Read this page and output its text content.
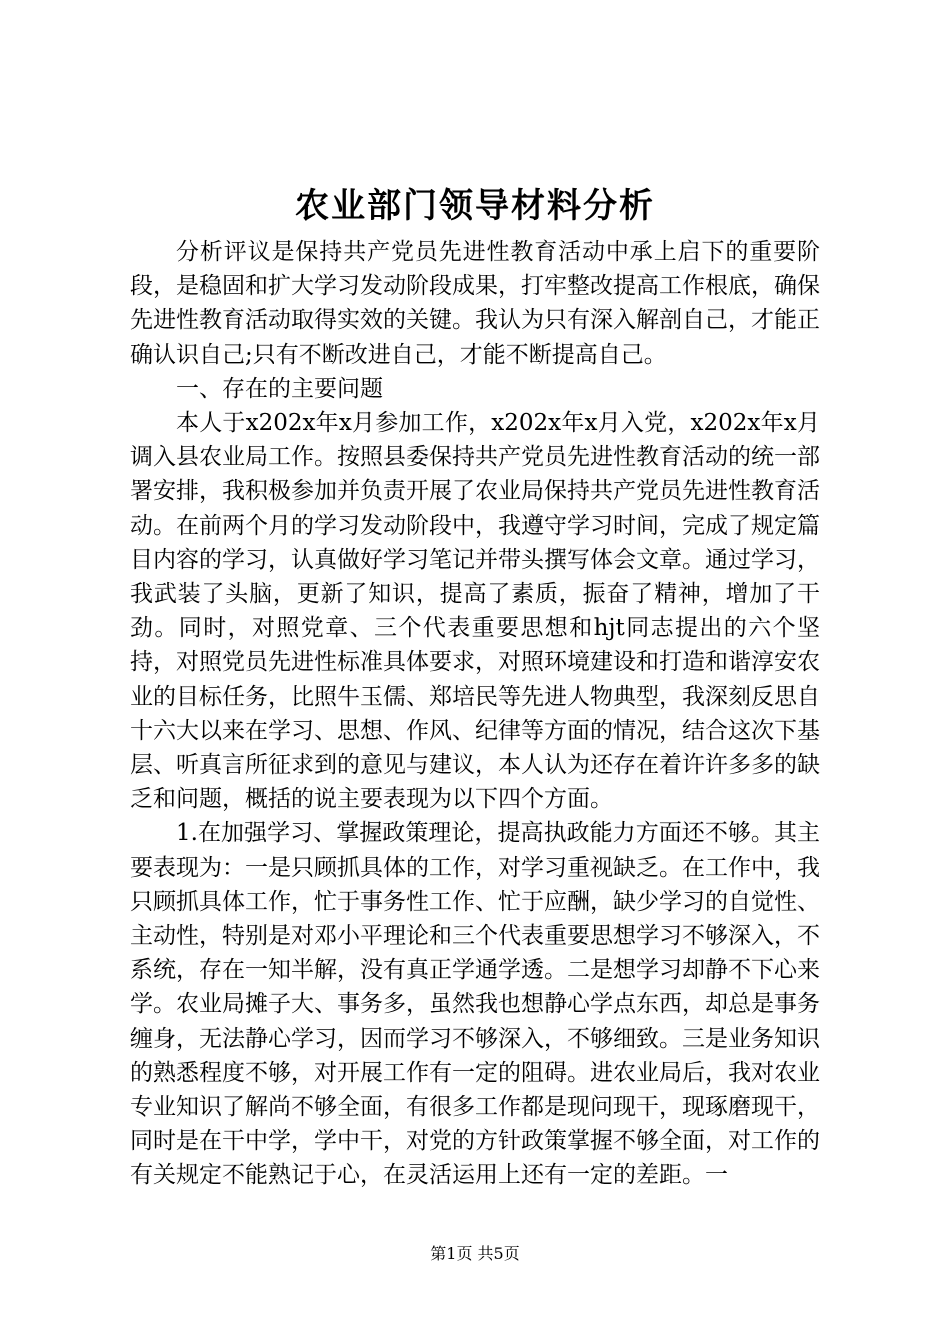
农业部门领导材料分析

分析评议是保持共产党员先进性教育活动中承上启下的重要阶段，是稳固和扩大学习发动阶段成果，打牢整改提高工作根底，确保先进性教育活动取得实效的关键。我认为只有深入解剖自己，才能正确认识自己;只有不断改进自己，才能不断提高自己。

一、存在的主要问题

本人于x202x年x月参加工作，x202x年x月入党，x202x年x月调入县农业局工作。按照县委保持共产党员先进性教育活动的统一部署安排，我积极参加并负责开展了农业局保持共产党员先进性教育活动。在前两个月的学习发动阶段中，我遵守学习时间，完成了规定篇目内容的学习，认真做好学习笔记并带头撰写体会文章。通过学习，我武装了头脑，更新了知识，提高了素质，振奋了精神，增加了干劲。同时，对照党章、三个代表重要思想和hjt同志提出的六个坚持，对照党员先进性标准具体要求，对照环境建设和打造和谐淳安农业的目标任务，比照牛玉儒、郑培民等先进人物典型，我深刻反思自十六大以来在学习、思想、作风、纪律等方面的情况，结合这次下基层、听真言所征求到的意见与建议，本人认为还存在着许许多多的缺乏和问题，概括的说主要表现为以下四个方面。

1.在加强学习、掌握政策理论，提高执政能力方面还不够。其主要表现为：一是只顾抓具体的工作，对学习重视缺乏。在工作中，我只顾抓具体工作，忙于事务性工作、忙于应酬，缺少学习的自觉性、主动性，特别是对邓小平理论和三个代表重要思想学习不够深入，不系统，存在一知半解，没有真正学通学透。二是想学习却静不下心来学。农业局摊子大、事务多，虽然我也想静心学点东西，却总是事务缠身，无法静心学习，因而学习不够深入，不够细致。三是业务知识的熟悉程度不够，对开展工作有一定的阻碍。进农业局后，我对农业专业知识了解尚不够全面，有很多工作都是现问现干，现琢磨现干，同时是在干中学，学中干，对党的方针政策掌握不够全面，对工作的有关规定不能熟记于心，在灵活运用上还有一定的差距。一

第1页 共5页
